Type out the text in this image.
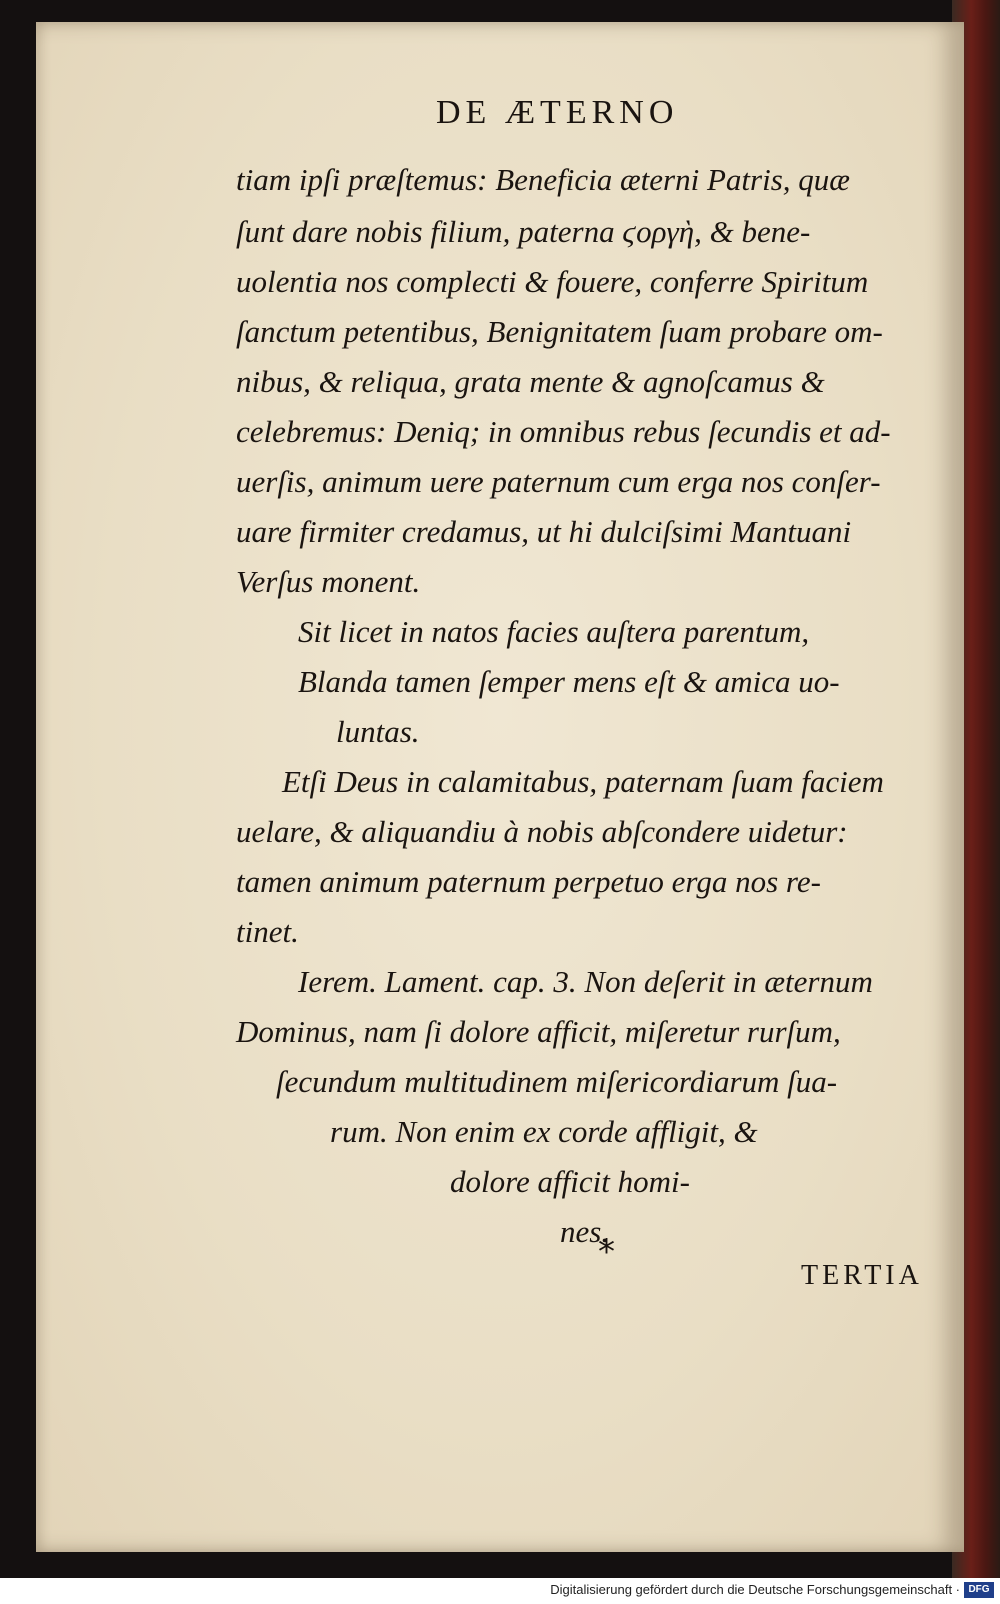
DE ÆTERNO
tiam ipſi præſtemus: Beneficia æterni Patris, quæ
ſunt dare nobis filium, paterna ϛοργὴ, & bene-
uolentia nos complecti & fouere, conferre Spiritum
ſanctum petentibus, Benignitatem ſuam probare om-
nibus, & reliqua, grata mente & agnoſcamus &
celebremus: Deniq; in omnibus rebus ſecundis et ad-
uerſis, animum uere paternum cum erga nos conſer-
uare firmiter credamus, ut hi dulciſsimi Mantuani
Verſus monent.
Sit licet in natos facies auſtera parentum,
Blanda tamen ſemper mens eſt & amica uo-
luntas.
Etſi Deus in calamitabus, paternam ſuam faciem
uelare, & aliquandiu à nobis abſcondere uidetur:
tamen animum paternum perpetuo erga nos re-
tinet.
Ierem. Lament. cap. 3. Non deſerit in æternum
Dominus, nam ſi dolore afficit, miſeretur rurſum,
ſecundum multitudinem miſericordiarum ſua-
rum. Non enim ex corde affligit, &
dolore afficit homi-
nes.
*
TERTIA
Digitalisierung gefördert durch die Deutsche Forschungsgemeinschaft · DFG
